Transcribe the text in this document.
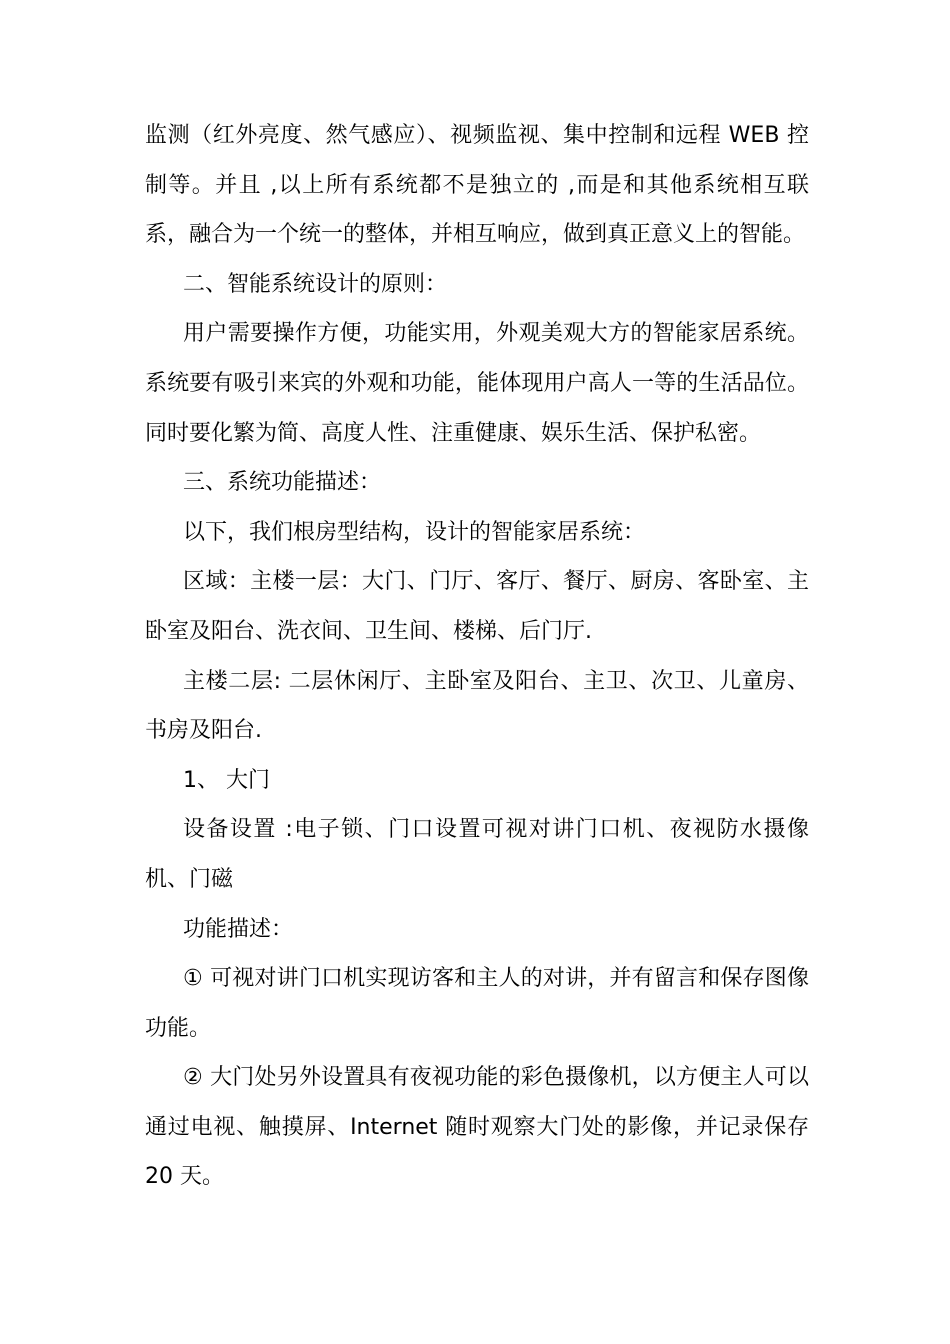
监测（红外亮度、然气感应）、视频监视、集中控制和远程 WEB 控制等。并且 ,以上所有系统都不是独立的 ,而是和其他系统相互联系，融合为一个统一的整体，并相互响应，做到真正意义上的智能。

二、智能系统设计的原则：

用户需要操作方便，功能实用，外观美观大方的智能家居系统。系统要有吸引来宾的外观和功能，能体现用户高人一等的生活品位。同时要化繁为简、高度人性、注重健康、娱乐生活、保护私密。

三、系统功能描述：

以下，我们根房型结构，设计的智能家居系统：

区域：主楼一层：大门、门厅、客厅、餐厅、厨房、客卧室、主卧室及阳台、洗衣间、卫生间、楼梯、后门厅.

主楼二层: 二层休闲厅、主卧室及阳台、主卫、次卫、儿童房、书房及阳台.

1、 大门

设备设置 :电子锁、门口设置可视对讲门口机、夜视防水摄像机、门磁

功能描述：

① 可视对讲门口机实现访客和主人的对讲，并有留言和保存图像功能。

② 大门处另外设置具有夜视功能的彩色摄像机，以方便主人可以通过电视、触摸屏、Internet 随时观察大门处的影像，并记录保存 20 天。
